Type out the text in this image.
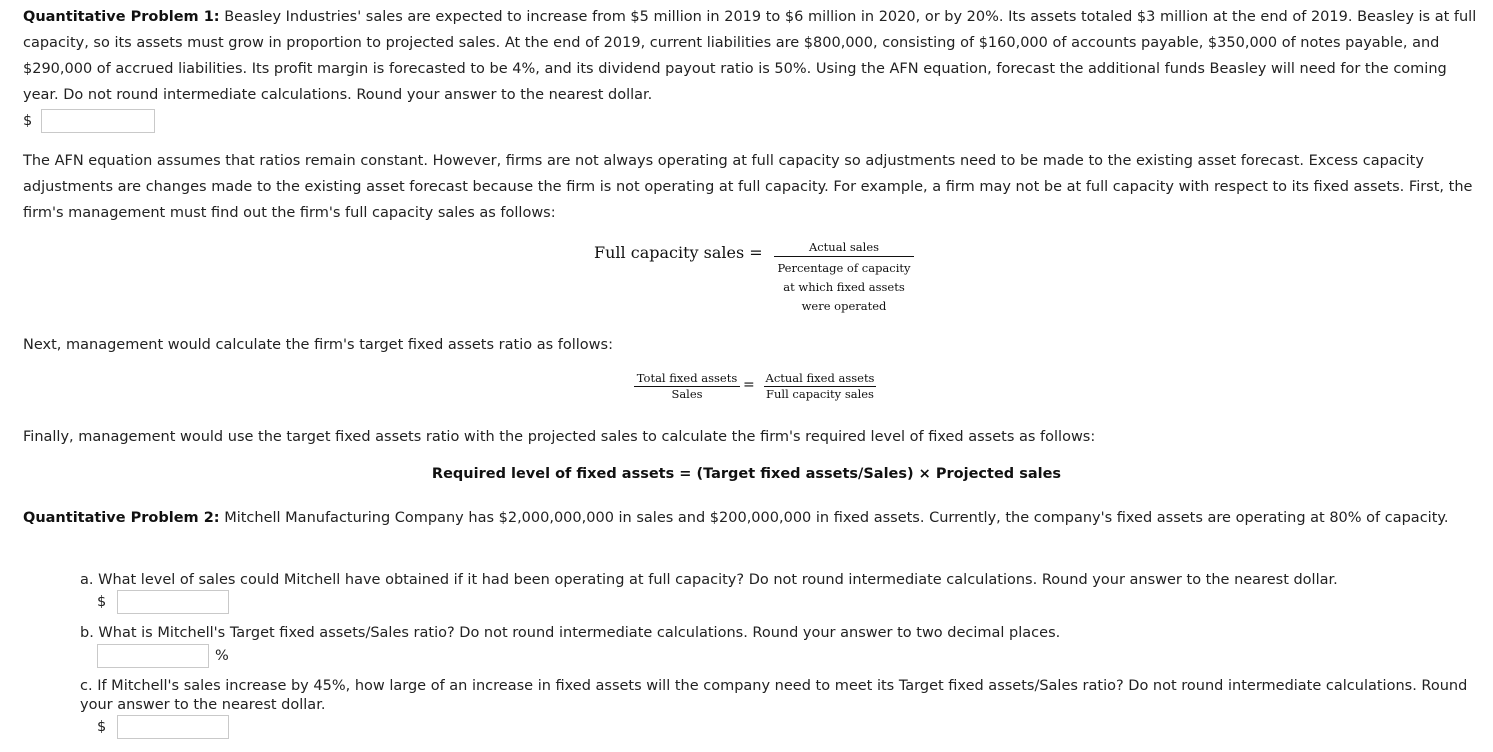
Quantitative Problem 1: Beasley Industries' sales are expected to increase from $5 million in 2019 to $6 million in 2020, or by 20%. Its assets totaled $3 million at the end of 2019. Beasley is at full capacity, so its assets must grow in proportion to projected sales. At the end of 2019, current liabilities are $800,000, consisting of $160,000 of accounts payable, $350,000 of notes payable, and $290,000 of accrued liabilities. Its profit margin is forecasted to be 4%, and its dividend payout ratio is 50%. Using the AFN equation, forecast the additional funds Beasley will need for the coming year. Do not round intermediate calculations. Round your answer to the nearest dollar.

$

The AFN equation assumes that ratios remain constant. However, firms are not always operating at full capacity so adjustments need to be made to the existing asset forecast. Excess capacity adjustments are changes made to the existing asset forecast because the firm is not operating at full capacity. For example, a firm may not be at full capacity with respect to its fixed assets. First, the firm's management must find out the firm's full capacity sales as follows:

Full capacity sales =	Actual sales
Percentage of capacity
at which fixed assets
were operated

Next, management would calculate the firm's target fixed assets ratio as follows:

Total fixed assets
Sales
= Actual fixed assets
Full capacity sales

Finally, management would use the target fixed assets ratio with the projected sales to calculate the firm's required level of fixed assets as follows:

Required level of fixed assets = (Target fixed assets/Sales) × Projected sales

Quantitative Problem 2: Mitchell Manufacturing Company has $2,000,000,000 in sales and $200,000,000 in fixed assets. Currently, the company's fixed assets are operating at 80% of capacity.

a. What level of sales could Mitchell have obtained if it had been operating at full capacity? Do not round intermediate calculations. Round your answer to the nearest dollar.

$

b. What is Mitchell's Target fixed assets/Sales ratio? Do not round intermediate calculations. Round your answer to two decimal places.

%

c. If Mitchell's sales increase by 45%, how large of an increase in fixed assets will the company need to meet its Target fixed assets/Sales ratio? Do not round intermediate calculations. Round your answer to the nearest dollar.

$
